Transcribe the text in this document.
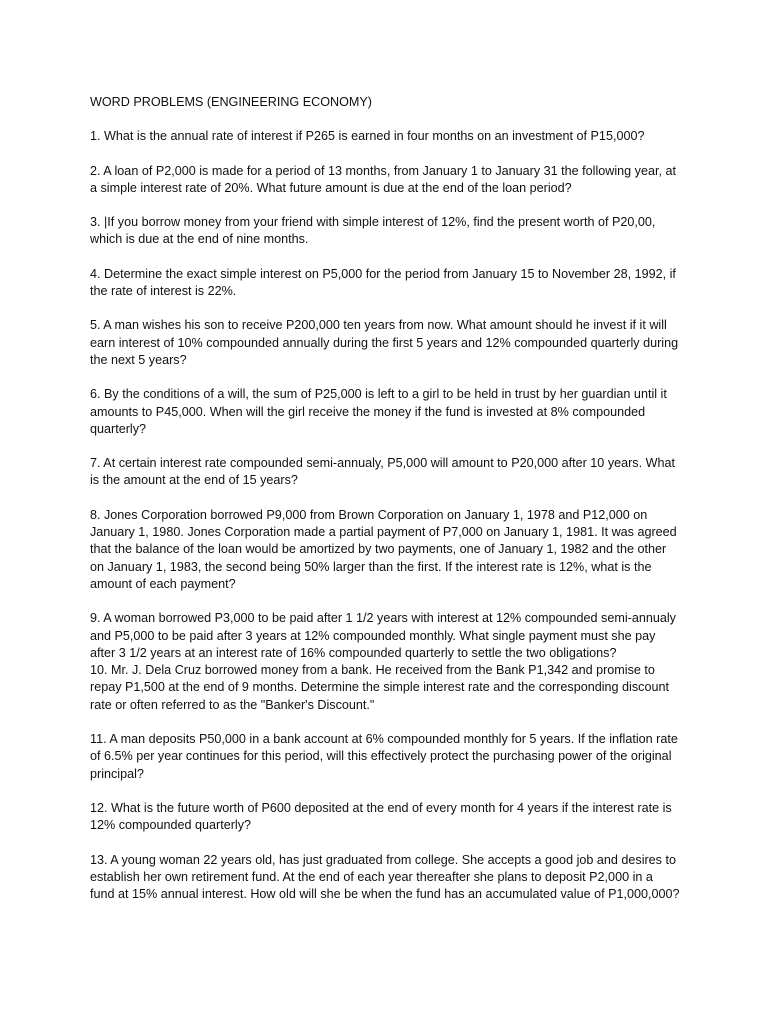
WORD PROBLEMS (ENGINEERING ECONOMY)

1. What is the annual rate of interest if P265 is earned in four months on an investment of P15,000?

2. A loan of P2,000 is made for a period of 13 months, from January 1 to January 31 the following year, at a simple interest rate of 20%. What future amount is due at the end of the loan period?

3. |If you borrow money from your friend with simple interest of 12%, find the present worth of P20,00, which is due at the end of nine months.

4. Determine the exact simple interest on P5,000 for the period from January 15 to November 28, 1992, if the rate of interest is 22%.

5. A man wishes his son to receive P200,000 ten years from now. What amount should he invest if it will earn interest of 10% compounded annually during the first 5 years and 12% compounded quarterly during the next 5 years?

6. By the conditions of a will, the sum of P25,000 is left to a girl to be held in trust by her guardian until it amounts to P45,000. When will the girl receive the money if the fund is invested at 8% compounded quarterly?

7. At certain interest rate compounded semi-annualy, P5,000 will amount to P20,000 after 10 years. What is the amount at the end of 15 years?

8. Jones Corporation borrowed P9,000 from Brown Corporation on January 1, 1978 and P12,000 on January 1, 1980. Jones Corporation made a partial payment of P7,000 on January 1, 1981. It was agreed that the balance of the loan would be amortized by two payments, one of January 1, 1982 and the other on January 1, 1983, the second being 50% larger than the first. If the interest rate is 12%, what is the amount of each payment?

9. A woman borrowed P3,000 to be paid after 1 1/2 years with interest at 12% compounded semi-annualy and P5,000 to be paid after 3 years at 12% compounded monthly. What single payment must she pay after 3 1/2 years at an interest rate of 16% compounded quarterly to settle the two obligations?

10. Mr. J. Dela Cruz borrowed money from a bank. He received from the Bank P1,342 and promise to repay P1,500 at the end of 9 months. Determine the simple interest rate and the corresponding discount rate or often referred to as the "Banker's Discount."

11. A man deposits P50,000 in a bank account at 6% compounded monthly for 5 years. If the inflation rate of 6.5% per year continues for this period, will this effectively protect the purchasing power of the original principal?

12. What is the future worth of P600 deposited at the end of every month for 4 years if the interest rate is 12% compounded quarterly?

13. A young woman 22 years old, has just graduated from college. She accepts a good job and desires to establish her own retirement fund. At the end of each year thereafter she plans to deposit P2,000 in a fund at 15% annual interest. How old will she be when the fund has an accumulated value of P1,000,000?
